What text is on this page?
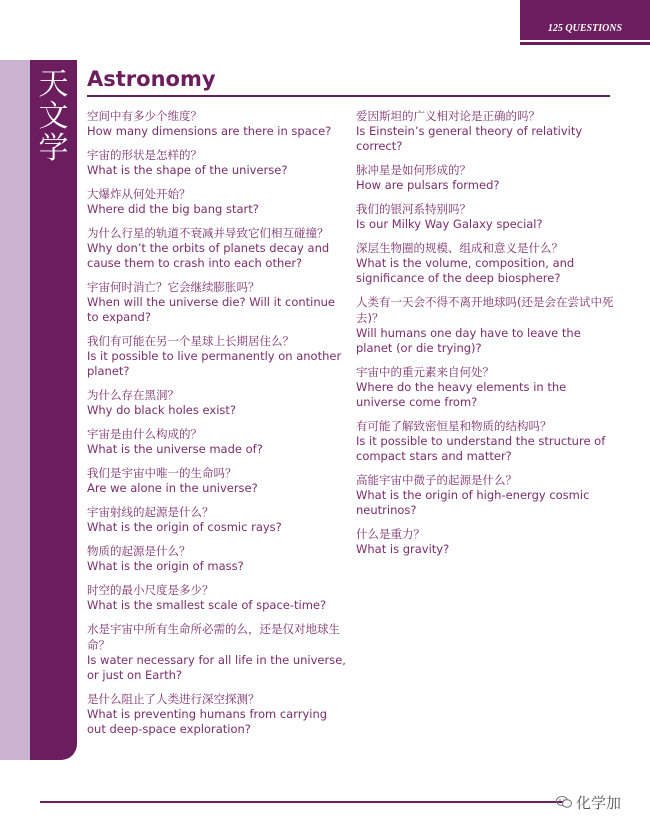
天
文
学
125 QUESTIONS
Astronomy
空间中有多少个维度？
How many dimensions are there in space?
宇宙的形状是怎样的？
What is the shape of the universe?
大爆炸从何处开始？
Where did the big bang start?
为什么行星的轨道不衰减并导致它们相互碰撞？
Why don’t the orbits of planets decay and cause them to crash into each other?
宇宙何时消亡？它会继续膨胀吗？
When will the universe die? Will it continue to expand?
我们有可能在另一个星球上长期居住么？
Is it possible to live permanently on another planet?
为什么存在黑洞？
Why do black holes exist?
宇宙是由什么构成的？
What is the universe made of?
我们是宇宙中唯一的生命吗？
Are we alone in the universe?
宇宙射线的起源是什么？
What is the origin of cosmic rays?
物质的起源是什么？
What is the origin of mass?
时空的最小尺度是多少？
What is the smallest scale of space-time?
水是宇宙中所有生命所必需的么，还是仅对地球生命？
Is water necessary for all life in the universe, or just on Earth?
是什么阻止了人类进行深空探测？
What is preventing humans from carrying out deep-space exploration?
爱因斯坦的广义相对论是正确的吗？
Is Einstein’s general theory of relativity correct?
脉冲星是如何形成的？
How are pulsars formed?
我们的银河系特别吗？
Is our Milky Way Galaxy special?
深层生物圈的规模、组成和意义是什么？
What is the volume, composition, and significance of the deep biosphere?
人类有一天会不得不离开地球吗(还是会在尝试中死去)？
Will humans one day have to leave the planet (or die trying)?
宇宙中的重元素来自何处？
Where do the heavy elements in the universe come from?
有可能了解致密恒星和物质的结构吗？
Is it possible to understand the structure of compact stars and matter?
高能宇宙中微子的起源是什么？
What is the origin of high-energy cosmic neutrinos?
什么是重力？
What is gravity?
化学加
